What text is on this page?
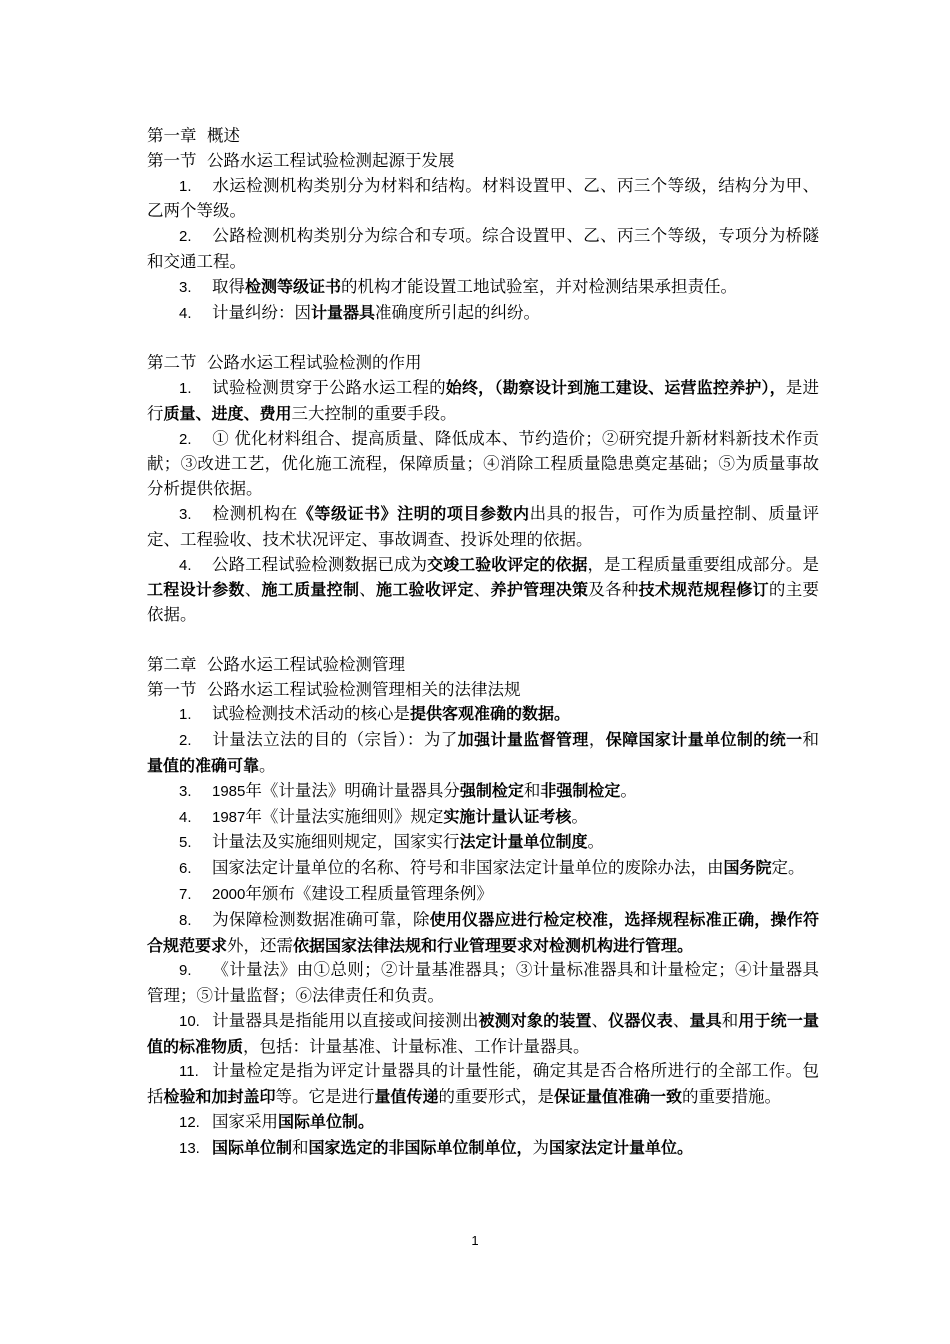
第一章  概述

第一节  公路水运工程试验检测起源于发展

1. 水运检测机构类别分为材料和结构。材料设置甲、乙、丙三个等级，结构分为甲、乙两个等级。

2. 公路检测机构类别分为综合和专项。综合设置甲、乙、丙三个等级，专项分为桥隧和交通工程。

3. 取得检测等级证书的机构才能设置工地试验室，并对检测结果承担责任。

4. 计量纠纷：因计量器具准确度所引起的纠纷。

第二节  公路水运工程试验检测的作用

1. 试验检测贯穿于公路水运工程的始终，（勘察设计到施工建设、运营监控养护），是进行质量、进度、费用三大控制的重要手段。

2. ① 优化材料组合、提高质量、降低成本、节约造价；②研究提升新材料新技术作贡献；③改进工艺，优化施工流程，保障质量；④消除工程质量隐患奠定基础；⑤为质量事故分析提供依据。

3. 检测机构在《等级证书》注明的项目参数内出具的报告，可作为质量控制、质量评定、工程验收、技术状况评定、事故调查、投诉处理的依据。

4. 公路工程试验检测数据已成为交竣工验收评定的依据，是工程质量重要组成部分。是工程设计参数、施工质量控制、施工验收评定、养护管理决策及各种技术规范规程修订的主要依据。

第二章  公路水运工程试验检测管理

第一节  公路水运工程试验检测管理相关的法律法规

1. 试验检测技术活动的核心是提供客观准确的数据。

2. 计量法立法的目的（宗旨）：为了加强计量监督管理，保障国家计量单位制的统一和量值的准确可靠。

3. 1985年《计量法》明确计量器具分强制检定和非强制检定。

4. 1987年《计量法实施细则》规定实施计量认证考核。

5. 计量法及实施细则规定，国家实行法定计量单位制度。

6. 国家法定计量单位的名称、符号和非国家法定计量单位的废除办法，由国务院定。

7. 2000年颁布《建设工程质量管理条例》

8. 为保障检测数据准确可靠，除使用仪器应进行检定校准，选择规程标准正确，操作符合规范要求外，还需依据国家法律法规和行业管理要求对检测机构进行管理。

9. 《计量法》由①总则；②计量基准器具；③计量标准器具和计量检定；④计量器具管理；⑤计量监督；⑥法律责任和负责。

10. 计量器具是指能用以直接或间接测出被测对象的装置、仪器仪表、量具和用于统一量值的标准物质，包括：计量基准、计量标准、工作计量器具。

11. 计量检定是指为评定计量器具的计量性能，确定其是否合格所进行的全部工作。包括检验和加封盖印等。它是进行量值传递的重要形式，是保证量值准确一致的重要措施。

12. 国家采用国际单位制。

13. 国际单位制和国家选定的非国际单位制单位，为国家法定计量单位。

1
